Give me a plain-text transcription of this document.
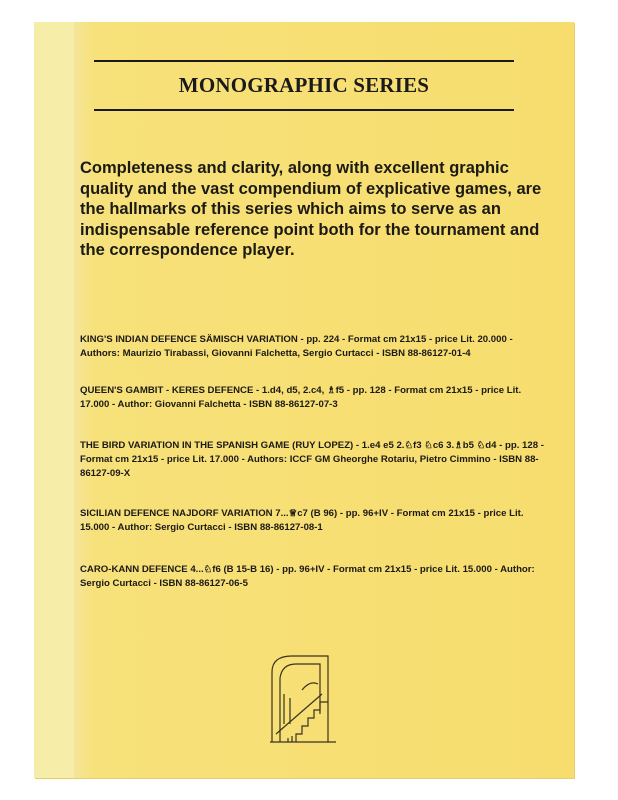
MONOGRAPHIC SERIES

Completeness and clarity, along with excellent graphic quality and the vast compendium of explicative games, are the hallmarks of this series which aims to serve as an indispensable reference point both for the tournament and the correspondence player.

KING'S INDIAN DEFENCE SÄMISCH VARIATION - pp. 224 - Format cm 21x15 - price Lit. 20.000 - Authors: Maurizio Tirabassi, Giovanni Falchetta, Sergio Curtacci - ISBN 88-86127-01-4

QUEEN'S GAMBIT - KERES DEFENCE - 1.d4, d5, 2.c4, ♗f5 - pp. 128 - Format cm 21x15 - price Lit. 17.000 - Author: Giovanni Falchetta - ISBN 88-86127-07-3

THE BIRD VARIATION IN THE SPANISH GAME (RUY LOPEZ) - 1.e4 e5 2.♘f3 ♘c6 3.♗b5 ♘d4 - pp. 128 - Format cm 21x15 - price Lit. 17.000 - Authors: ICCF GM Gheorghe Rotariu, Pietro Cimmino - ISBN 88-86127-09-X

SICILIAN DEFENCE NAJDORF VARIATION 7...♕c7 (B 96) - pp. 96+IV - Format cm 21x15 - price Lit. 15.000 - Author: Sergio Curtacci - ISBN 88-86127-08-1

CARO-KANN DEFENCE 4...♘f6 (B 15-B 16) - pp. 96+IV - Format cm 21x15 - price Lit. 15.000 - Author: Sergio Curtacci - ISBN 88-86127-06-5
